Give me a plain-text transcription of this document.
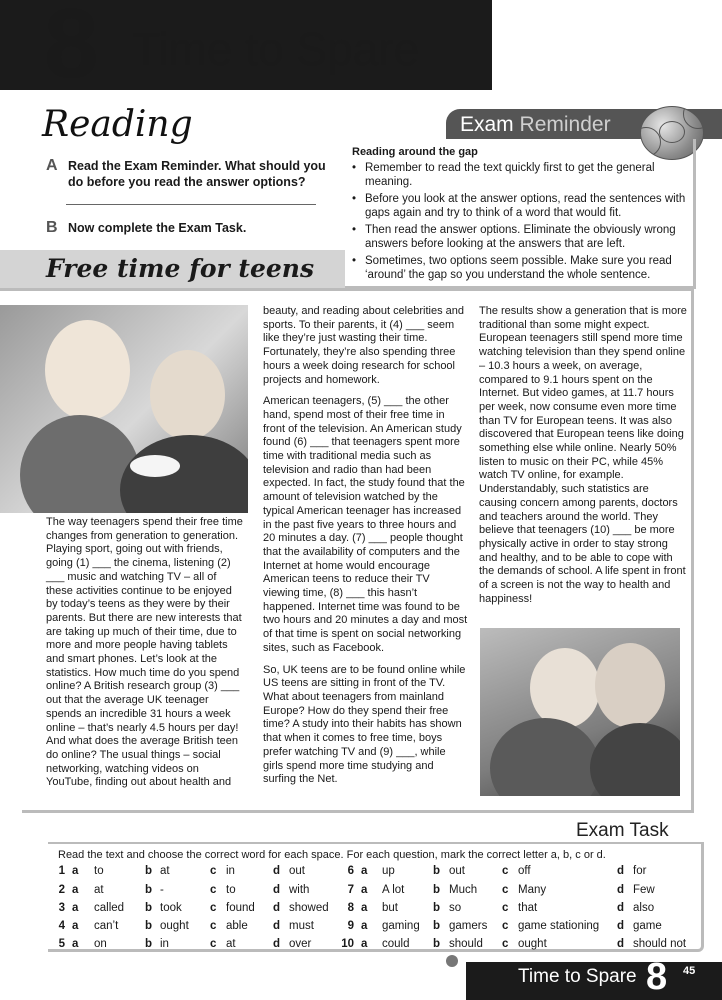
8 Time to Spare
Reading
A Read the Exam Reminder. What should you do before you read the answer options?
B Now complete the Exam Task.
Exam Reminder
Reading around the gap
• Remember to read the text quickly first to get the general meaning.
• Before you look at the answer options, read the sentences with gaps again and try to think of a word that would fit.
• Then read the answer options. Eliminate the obviously wrong answers before looking at the answers that are left.
• Sometimes, two options seem possible. Make sure you read ‘around’ the gap so you understand the whole sentence.
Free time for teens

The way teenagers spend their free time changes from generation to generation. Playing sport, going out with friends, going (1) ___ the cinema, listening (2) ___ music and watching TV – all of these activities continue to be enjoyed by today’s teens as they were by their parents. But there are new interests that are taking up much of their time, due to more and more people having tablets and smart phones. Let’s look at the statistics. How much time do you spend online? A British research group (3) ___ out that the average UK teenager spends an incredible 31 hours a week online – that’s nearly 4.5 hours per day! And what does the average British teen do online? The usual things – social networking, watching videos on YouTube, finding out about health and

beauty, and reading about celebrities and sports. To their parents, it (4) ___ seem like they’re just wasting their time. Fortunately, they’re also spending three hours a week doing research for school projects and homework.

American teenagers, (5) ___ the other hand, spend most of their free time in front of the television. An American study found (6) ___ that teenagers spent more time with traditional media such as television and radio than had been expected. In fact, the study found that the amount of television watched by the typical American teenager has increased in the past five years to three hours and 20 minutes a day. (7) ___ people thought that the availability of computers and the Internet at home would encourage American teens to reduce their TV viewing time, (8) ___ this hasn’t happened. Internet time was found to be two hours and 20 minutes a day and most of that time is spent on social networking sites, such as Facebook.

So, UK teens are to be found online while US teens are sitting in front of the TV. What about teenagers from mainland Europe? How do they spend their free time? A study into their habits has shown that when it comes to free time, boys prefer watching TV and (9) ___, while girls spend more time studying and surfing the Net.

The results show a generation that is more traditional than some might expect. European teenagers still spend more time watching television than they spend online – 10.3 hours a week, on average, compared to 9.1 hours spent on the Internet. But video games, at 11.7 hours per week, now consume even more time than TV for European teens. It was also discovered that European teens like doing something else while online. Nearly 50% listen to music on their PC, while 45% watch TV online, for example. Understandably, such statistics are causing concern among parents, doctors and teachers around the world. They believe that teenagers (10) ___ be more physically active in order to stay strong and healthy, and to be able to cope with the demands of school. A life spent in front of a screen is not the way to health and happiness!

Exam Task
Read the text and choose the correct word for each space. For each question, mark the correct letter a, b, c or d.
1 a to	b at	c in	d out	6 a up	b out	c off	d for
2 a at	b -	c to	d with	7 a A lot b Much c Many	d Few
3 a called b took c found d showed	8 a but	b so	c that	d also
4 a can’t b ought c able d must	9 a gaming b gamers c game stationing d game
5 a on	b in	c at	d over	10 a could b should c ought	d should not
Time to Spare 8 45
